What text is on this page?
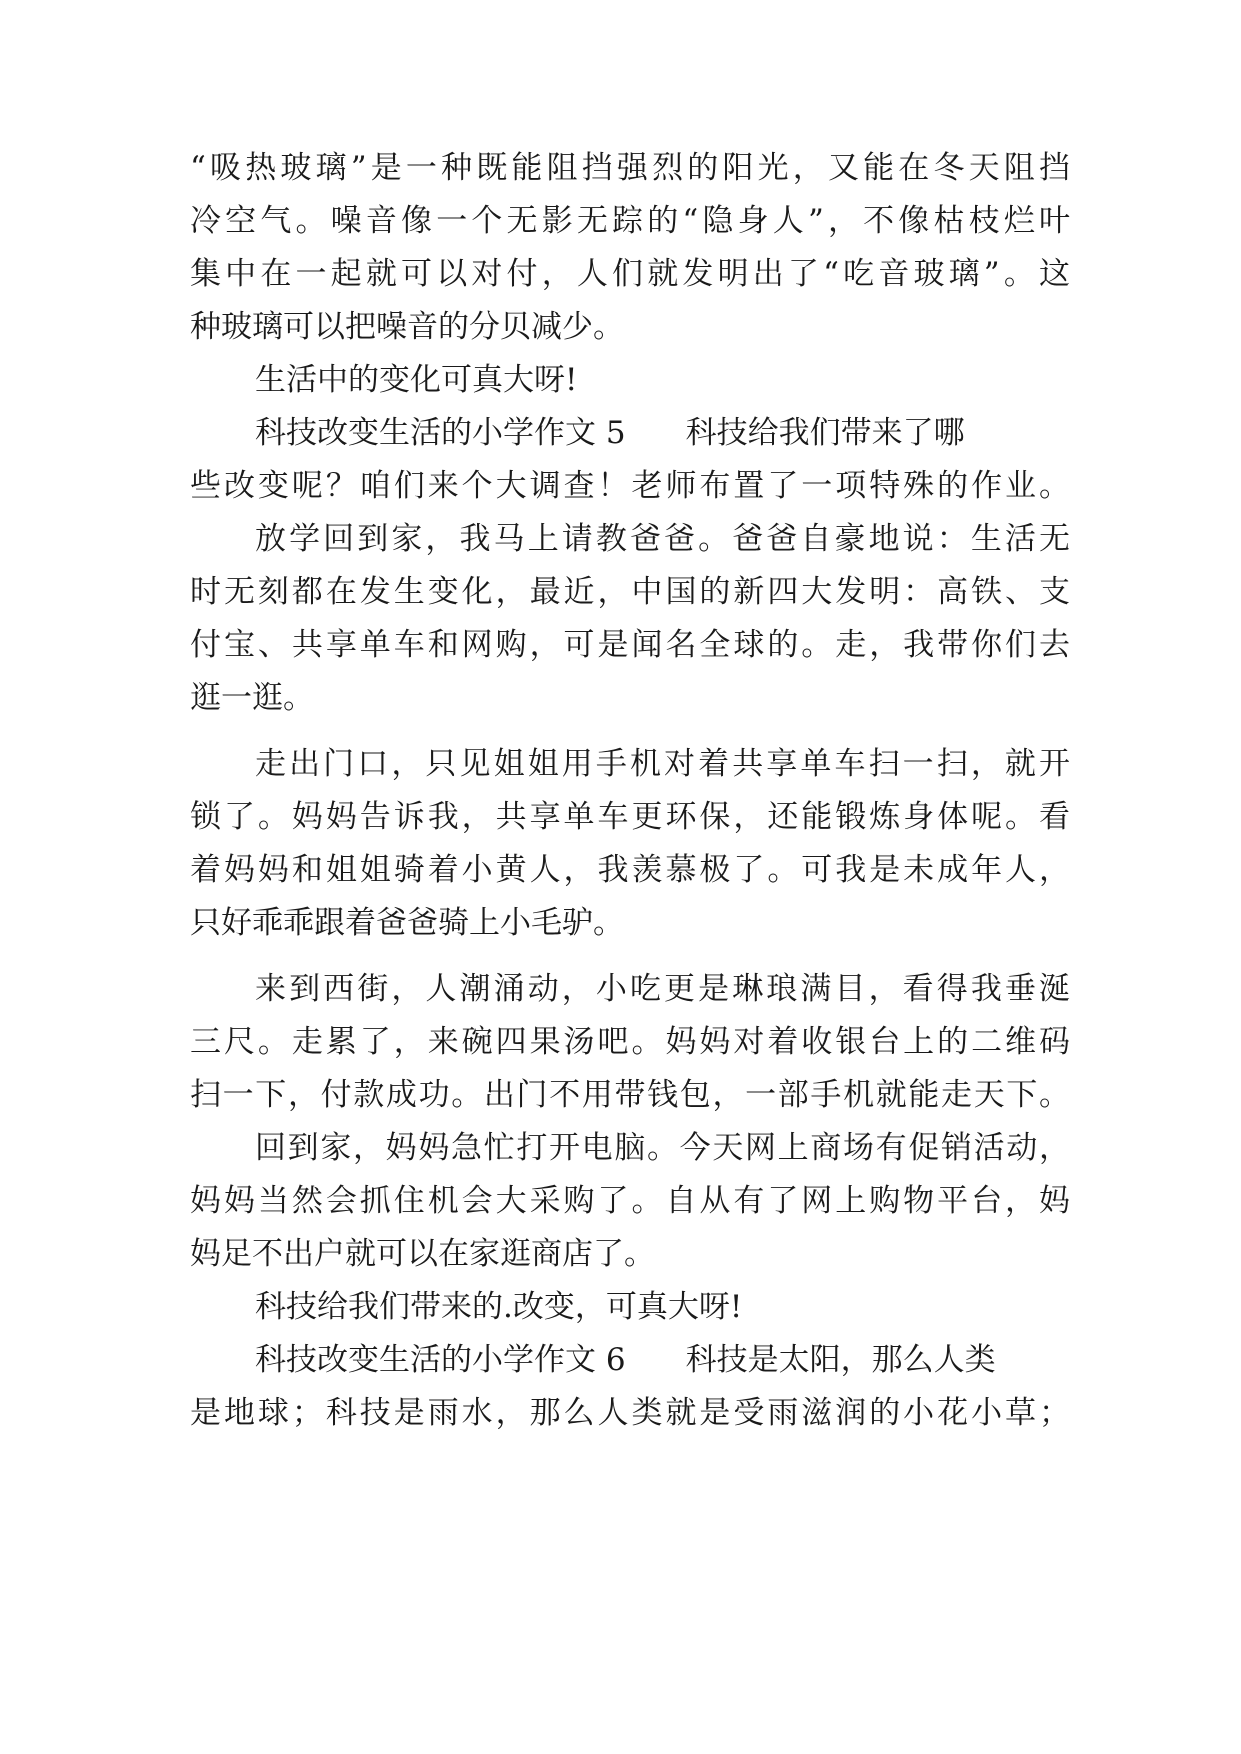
“吸热玻璃”是一种既能阻挡强烈的阳光，又能在冬天阻挡
冷空气。噪音像一个无影无踪的“隐身人”，不像枯枝烂叶
集中在一起就可以对付，人们就发明出了“吃音玻璃”。这
种玻璃可以把噪音的分贝减少。
生活中的变化可真大呀!
科技改变生活的小学作文 5 科技给我们带来了哪
些改变呢？咱们来个大调查！老师布置了一项特殊的作业。
放学回到家，我马上请教爸爸。爸爸自豪地说：生活无
时无刻都在发生变化，最近，中国的新四大发明：高铁、支
付宝、共享单车和网购，可是闻名全球的。走，我带你们去
逛一逛。
走出门口，只见姐姐用手机对着共享单车扫一扫，就开
锁了。妈妈告诉我，共享单车更环保，还能锻炼身体呢。看
着妈妈和姐姐骑着小黄人，我羡慕极了。可我是未成年人，
只好乖乖跟着爸爸骑上小毛驴。
来到西街，人潮涌动，小吃更是琳琅满目，看得我垂涎
三尺。走累了，来碗四果汤吧。妈妈对着收银台上的二维码
扫一下，付款成功。出门不用带钱包，一部手机就能走天下。
回到家，妈妈急忙打开电脑。今天网上商场有促销活动，
妈妈当然会抓住机会大采购了。自从有了网上购物平台，妈
妈足不出户就可以在家逛商店了。
科技给我们带来的.改变，可真大呀!
科技改变生活的小学作文 6 科技是太阳，那么人类
是地球；科技是雨水，那么人类就是受雨滋润的小花小草；
